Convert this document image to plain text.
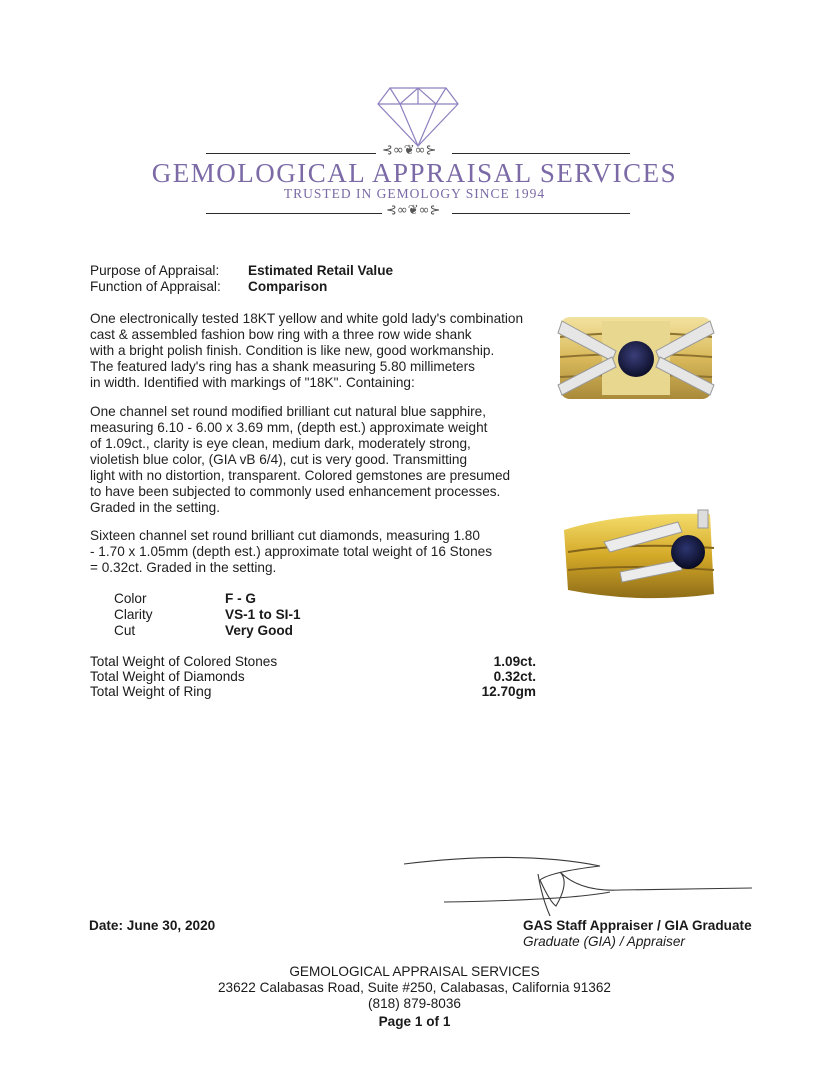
⊰∞❦∞⊱
GEMOLOGICAL APPRAISAL SERVICES
TRUSTED IN GEMOLOGY SINCE 1994
⊰∞❦∞⊱
Purpose of Appraisal: Estimated Retail Value
Function of Appraisal: Comparison
One electronically tested 18KT yellow and white gold lady's combination
cast & assembled fashion bow ring with a three row wide shank
with a bright polish finish. Condition is like new, good workmanship.
The featured lady's ring has a shank measuring 5.80 millimeters
in width. Identified with markings of "18K". Containing:
One channel set round modified brilliant cut natural blue sapphire,
measuring 6.10 - 6.00 x 3.69 mm, (depth est.) approximate weight
of 1.09ct., clarity is eye clean, medium dark, moderately strong,
violetish blue color, (GIA vB 6/4), cut is very good. Transmitting
light with no distortion, transparent. Colored gemstones are presumed
to have been subjected to commonly used enhancement processes.
Graded in the setting.
Sixteen channel set round brilliant cut diamonds, measuring 1.80
- 1.70 x 1.05mm (depth est.) approximate total weight of 16 Stones
= 0.32ct. Graded in the setting.
Color	F - G
Clarity	VS-1 to SI-1
Cut	Very Good
Total Weight of Colored Stones	1.09ct.
Total Weight of Diamonds	0.32ct.
Total Weight of Ring	12.70gm
Date: June 30, 2020	GAS Staff Appraiser / GIA Graduate
Graduate (GIA) / Appraiser
GEMOLOGICAL APPRAISAL SERVICES
23622 Calabasas Road, Suite #250, Calabasas, California 91362
(818) 879-8036
Page 1 of 1
